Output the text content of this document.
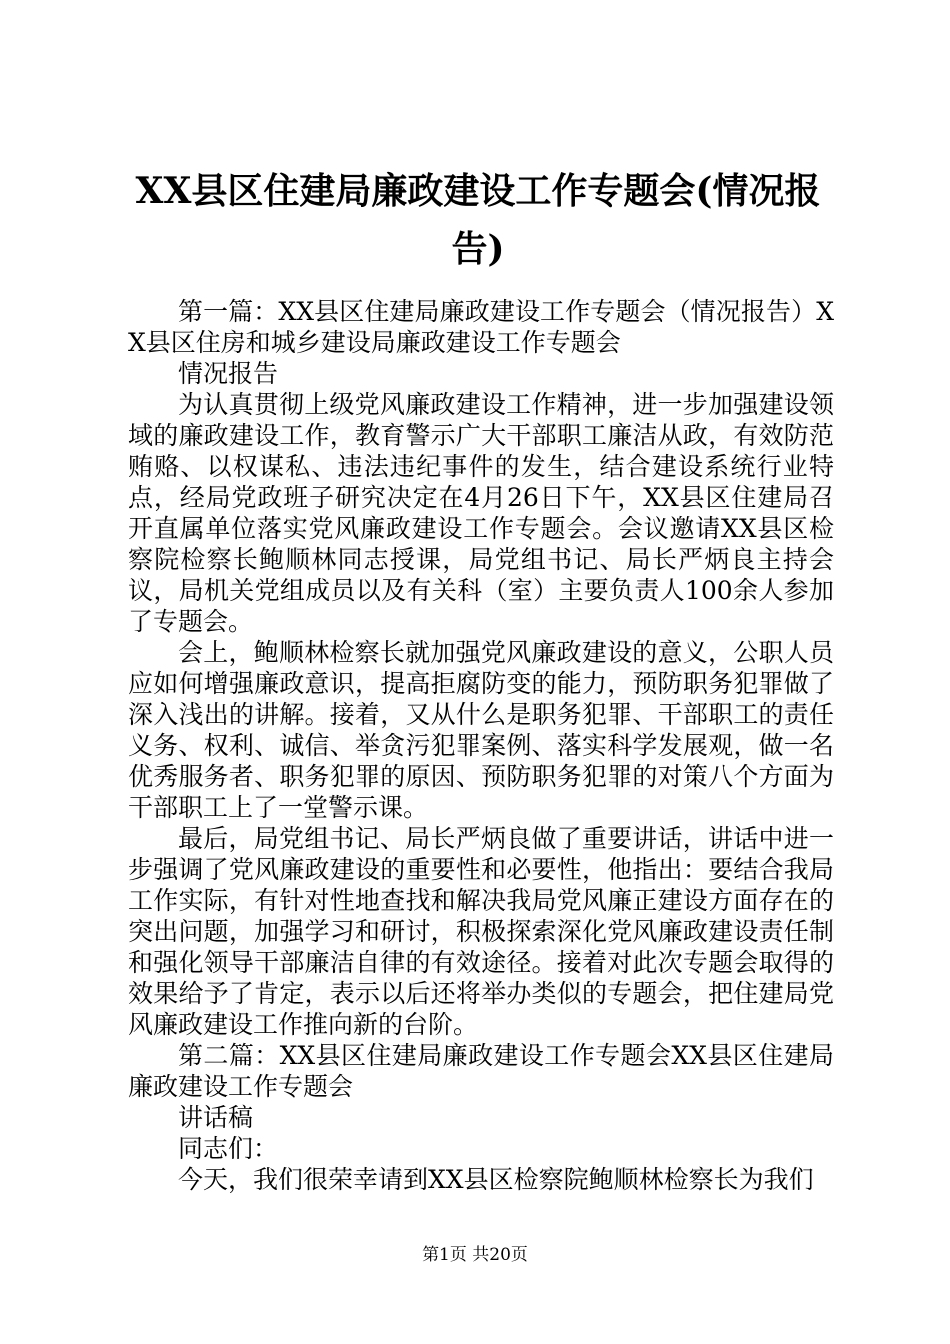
XX县区住建局廉政建设工作专题会(情况报告)

第一篇：XX县区住建局廉政建设工作专题会（情况报告）XX县区住房和城乡建设局廉政建设工作专题会

情况报告

为认真贯彻上级党风廉政建设工作精神，进一步加强建设领域的廉政建设工作，教育警示广大干部职工廉洁从政，有效防范贿赂、以权谋私、违法违纪事件的发生，结合建设系统行业特点，经局党政班子研究决定在4月26日下午，XX县区住建局召开直属单位落实党风廉政建设工作专题会。会议邀请XX县区检察院检察长鲍顺林同志授课，局党组书记、局长严炳良主持会议，局机关党组成员以及有关科（室）主要负责人100余人参加了专题会。

会上，鲍顺林检察长就加强党风廉政建设的意义，公职人员应如何增强廉政意识，提高拒腐防变的能力，预防职务犯罪做了深入浅出的讲解。接着，又从什么是职务犯罪、干部职工的责任义务、权利、诚信、举贪污犯罪案例、落实科学发展观，做一名优秀服务者、职务犯罪的原因、预防职务犯罪的对策八个方面为干部职工上了一堂警示课。

最后，局党组书记、局长严炳良做了重要讲话，讲话中进一步强调了党风廉政建设的重要性和必要性，他指出：要结合我局工作实际，有针对性地查找和解决我局党风廉正建设方面存在的突出问题，加强学习和研讨，积极探索深化党风廉政建设责任制和强化领导干部廉洁自律的有效途径。接着对此次专题会取得的效果给予了肯定，表示以后还将举办类似的专题会，把住建局党风廉政建设工作推向新的台阶。

第二篇：XX县区住建局廉政建设工作专题会XX县区住建局廉政建设工作专题会

讲话稿

同志们：

今天，我们很荣幸请到XX县区检察院鲍顺林检察长为我们

第1页 共20页
